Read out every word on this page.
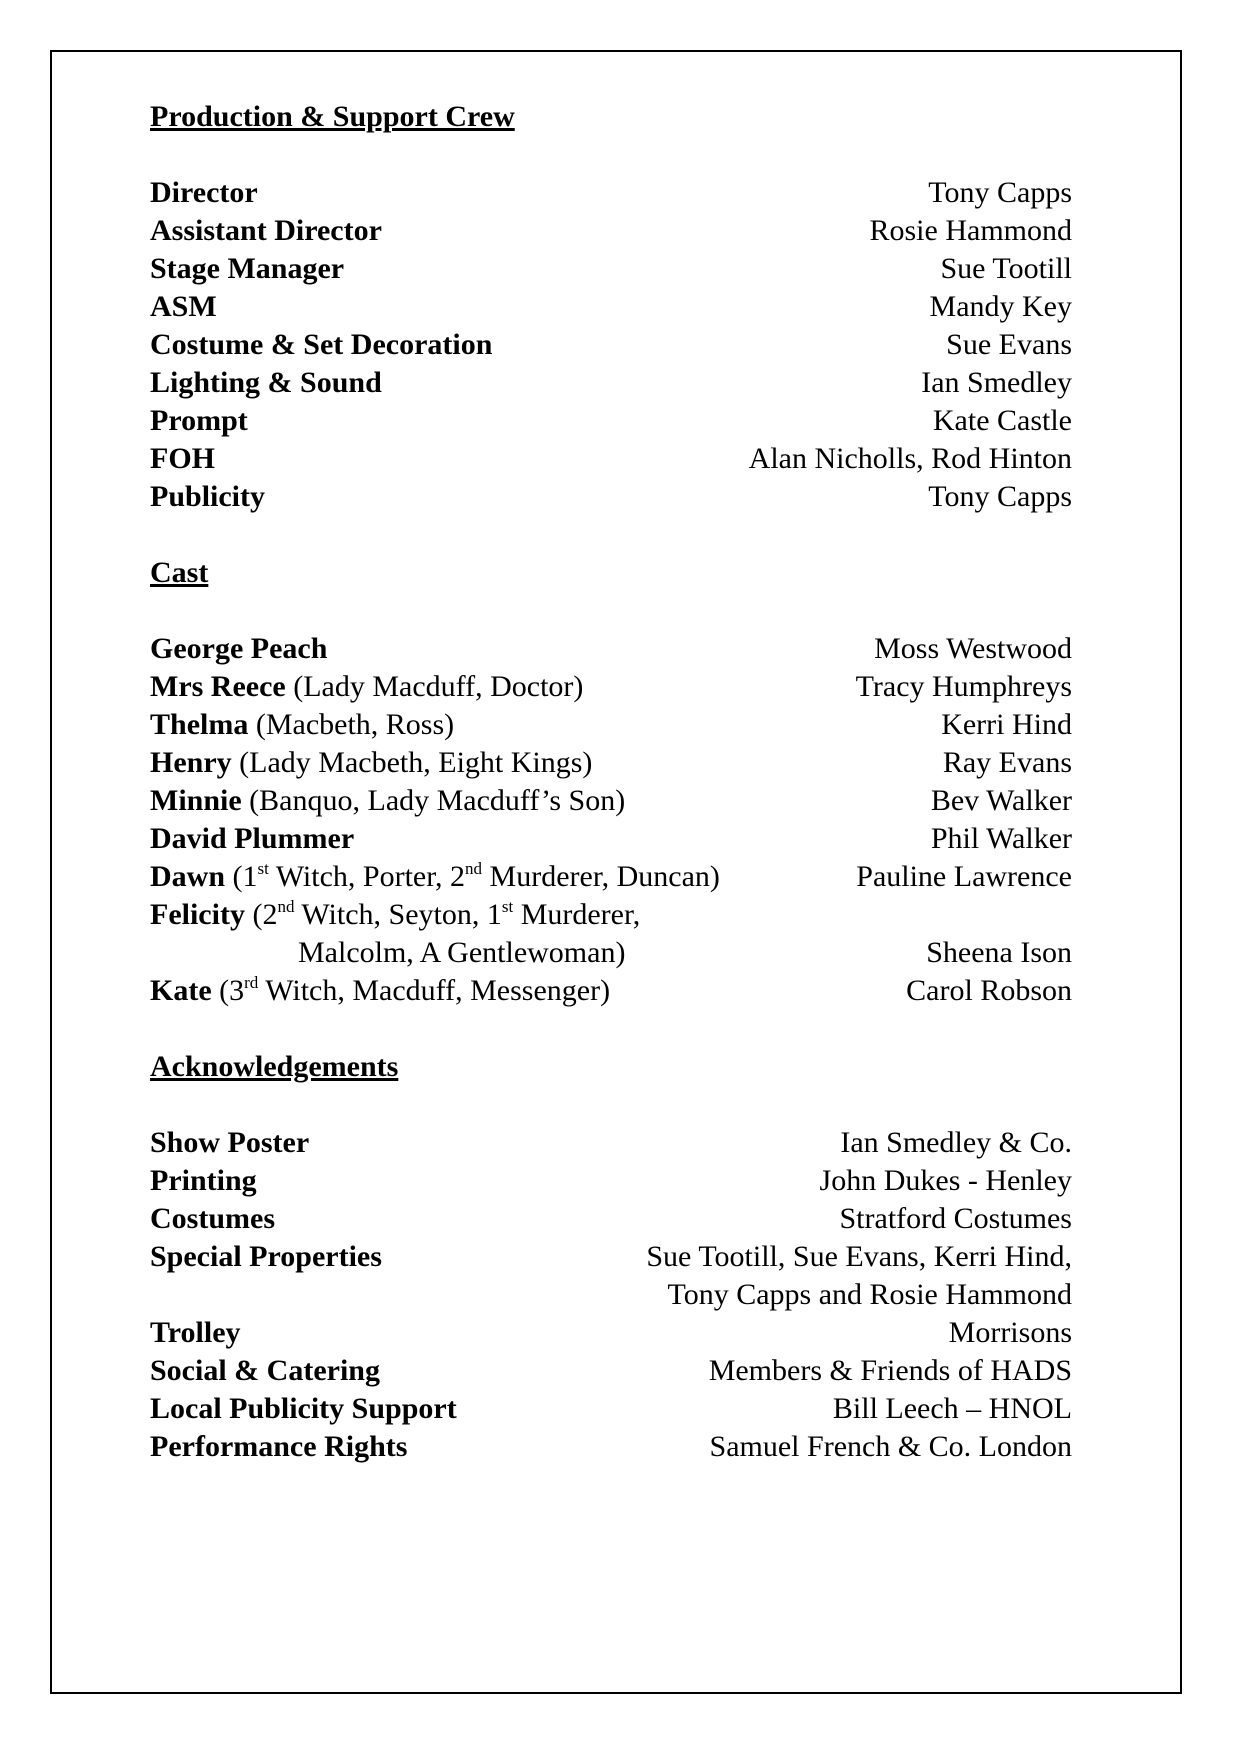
Production & Support Crew
Director	Tony Capps
Assistant Director	Rosie Hammond
Stage Manager	Sue Tootill
ASM	Mandy Key
Costume & Set Decoration	Sue Evans
Lighting & Sound	Ian Smedley
Prompt	Kate Castle
FOH	Alan Nicholls, Rod Hinton
Publicity	Tony Capps
Cast
George Peach	Moss Westwood
Mrs Reece (Lady Macduff, Doctor)	Tracy Humphreys
Thelma (Macbeth, Ross)	Kerri Hind
Henry (Lady Macbeth, Eight Kings)	Ray Evans
Minnie (Banquo, Lady Macduff’s Son)	Bev Walker
David Plummer	Phil Walker
Dawn (1st Witch, Porter, 2nd Murderer, Duncan)	Pauline Lawrence
Felicity (2nd Witch, Seyton, 1st Murderer,
Malcolm, A Gentlewoman)	Sheena Ison
Kate (3rd Witch, Macduff, Messenger)	Carol Robson
Acknowledgements
Show Poster	Ian Smedley & Co.
Printing	John Dukes - Henley
Costumes	Stratford Costumes
Special Properties	Sue Tootill, Sue Evans, Kerri Hind,
Tony Capps and Rosie Hammond
Trolley	Morrisons
Social & Catering	Members & Friends of HADS
Local Publicity Support	Bill Leech – HNOL
Performance Rights	Samuel French & Co. London
